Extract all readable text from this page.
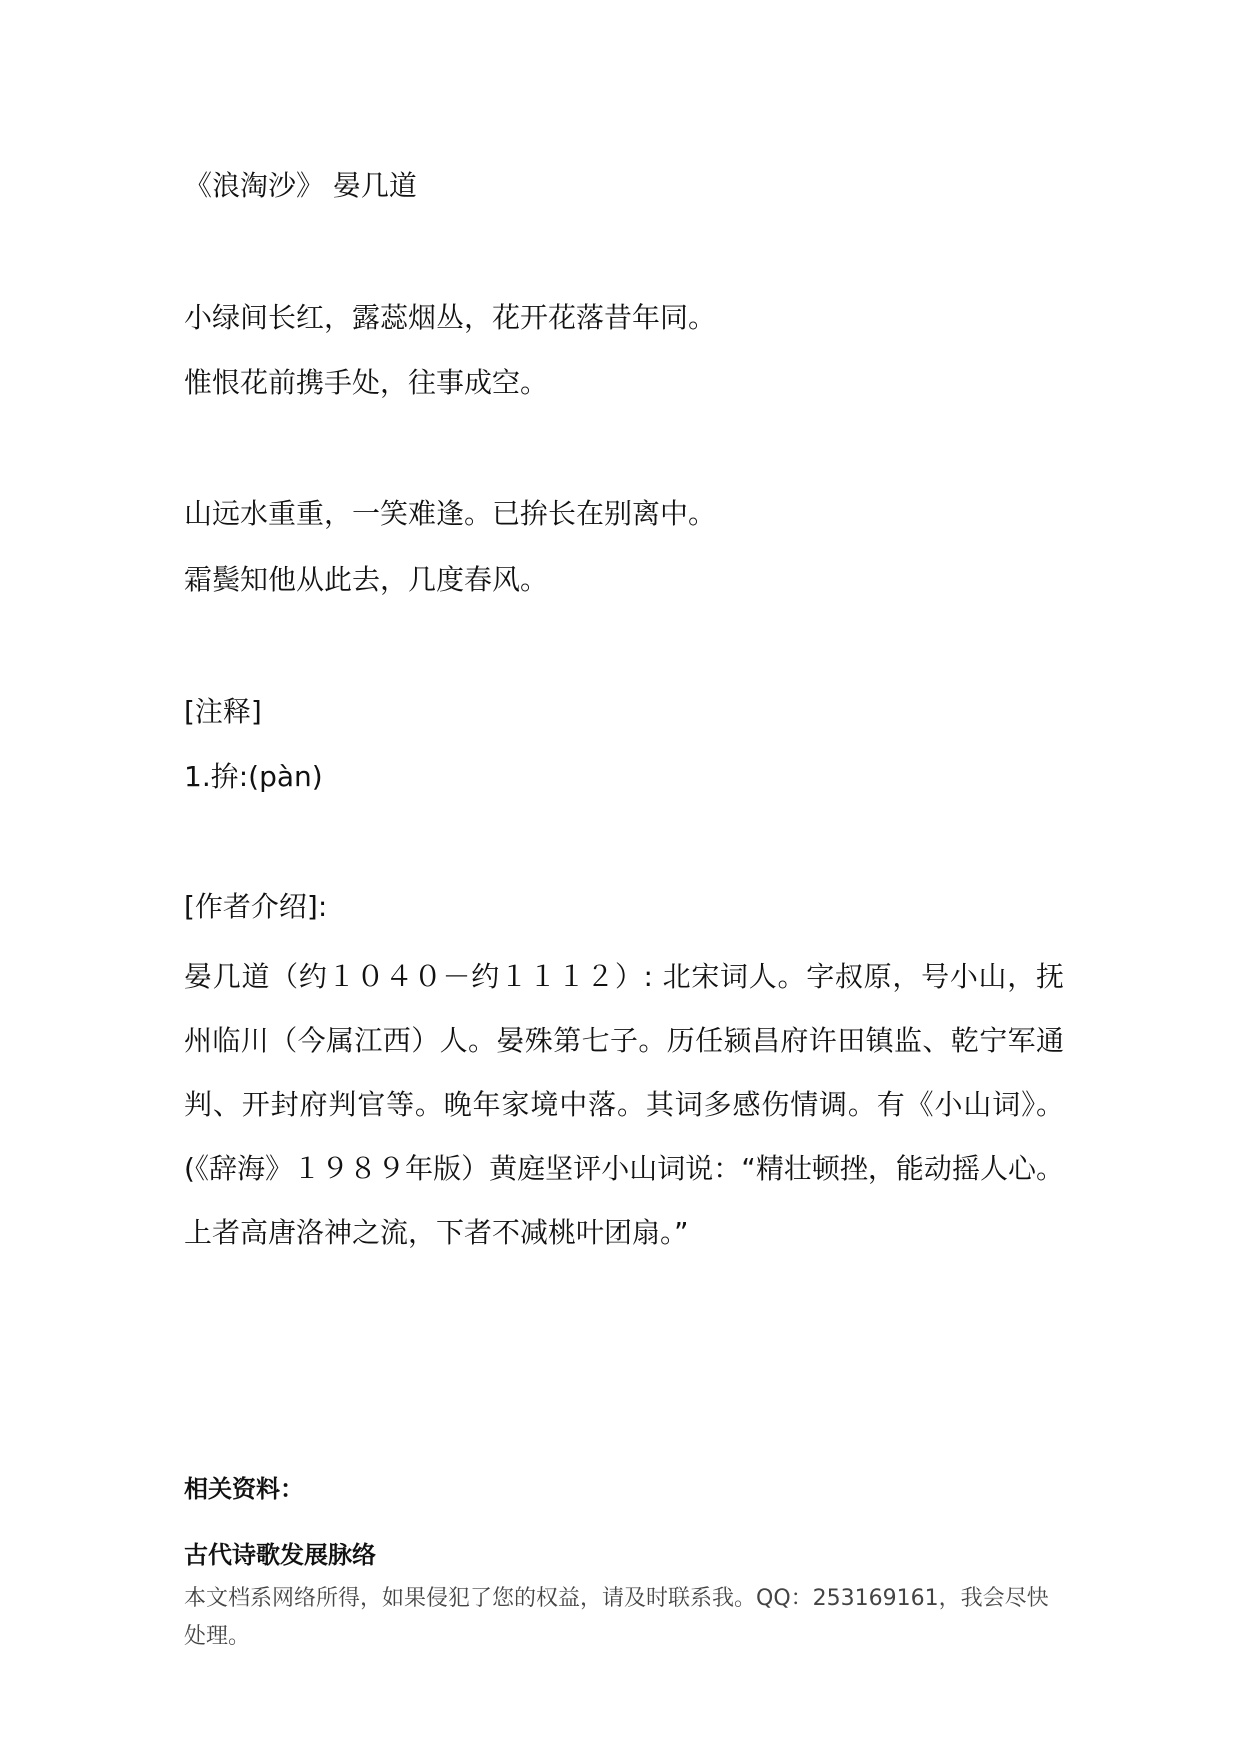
《浪淘沙》 晏几道
小绿间长红，露蕊烟丛，花开花落昔年同。
惟恨花前携手处，往事成空。
山远水重重，一笑难逢。已拚长在别离中。
霜鬓知他从此去，几度春风。
[注释]
1.拚:(pàn)
[作者介绍]:
晏几道（约１０４０－约１１１２）: 北宋词人。字叔原，号小山，抚州临川（今属江西）人。晏殊第七子。历任颍昌府许田镇监、乾宁军通判、开封府判官等。晚年家境中落。其词多感伤情调。有《小山词》。(《辞海》１９８９年版）黄庭坚评小山词说：“精壮顿挫，能动摇人心。上者高唐洛神之流，下者不减桃叶团扇。”
相关资料：
古代诗歌发展脉络
本文档系网络所得，如果侵犯了您的权益，请及时联系我。QQ：253169161，我会尽快处理。
